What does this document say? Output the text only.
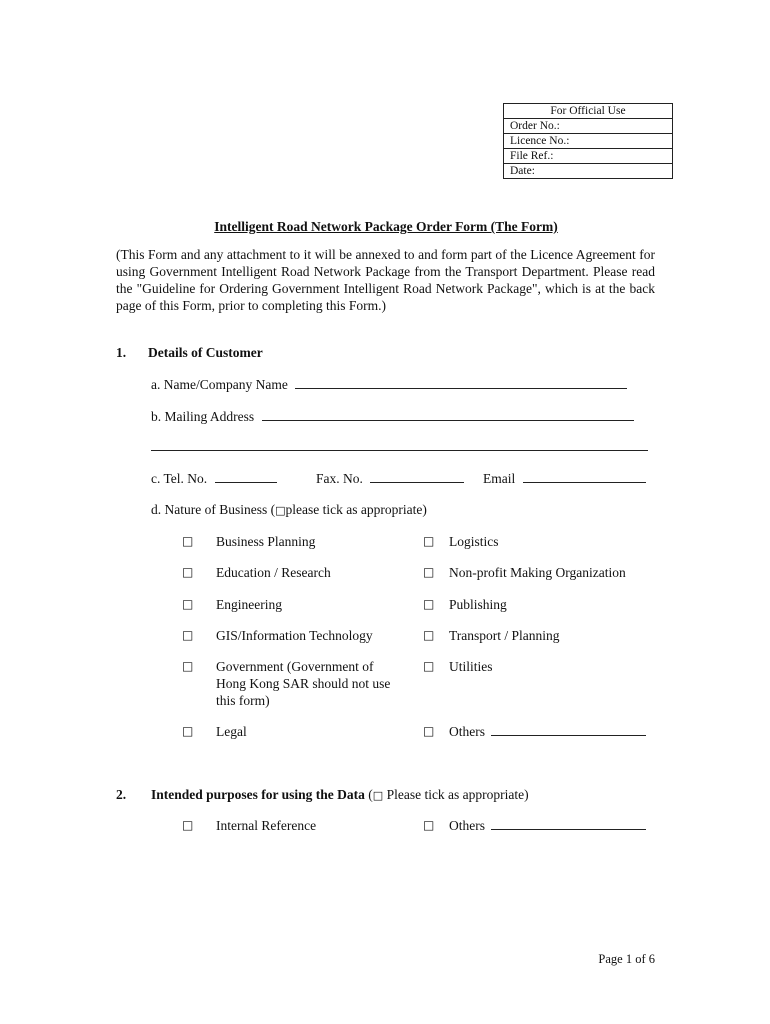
For Official Use
Order No.:
Licence No.:
File Ref.:
Date:
Intelligent Road Network Package Order Form (The Form)
(This Form and any attachment to it will be annexed to and form part of the Licence Agreement for using Government Intelligent Road Network Package from the Transport Department. Please read the "Guideline for Ordering Government Intelligent Road Network Package", which is at the back page of this Form, prior to completing this Form.)
1. Details of Customer
a. Name/Company Name
b. Mailing Address
c. Tel. No.	Fax. No.	Email
d. Nature of Business (□please tick as appropriate)
□ Business Planning
□ Education / Research
□ Engineering
□ GIS/Information Technology
□ Government (Government of Hong Kong SAR should not use this form)
□ Legal
□ Logistics
□ Non-profit Making Organization
□ Publishing
□ Transport / Planning
□ Utilities
□ Others
2. Intended purposes for using the Data (□ Please tick as appropriate)
□ Internal Reference	□ Others
Page 1 of 6
